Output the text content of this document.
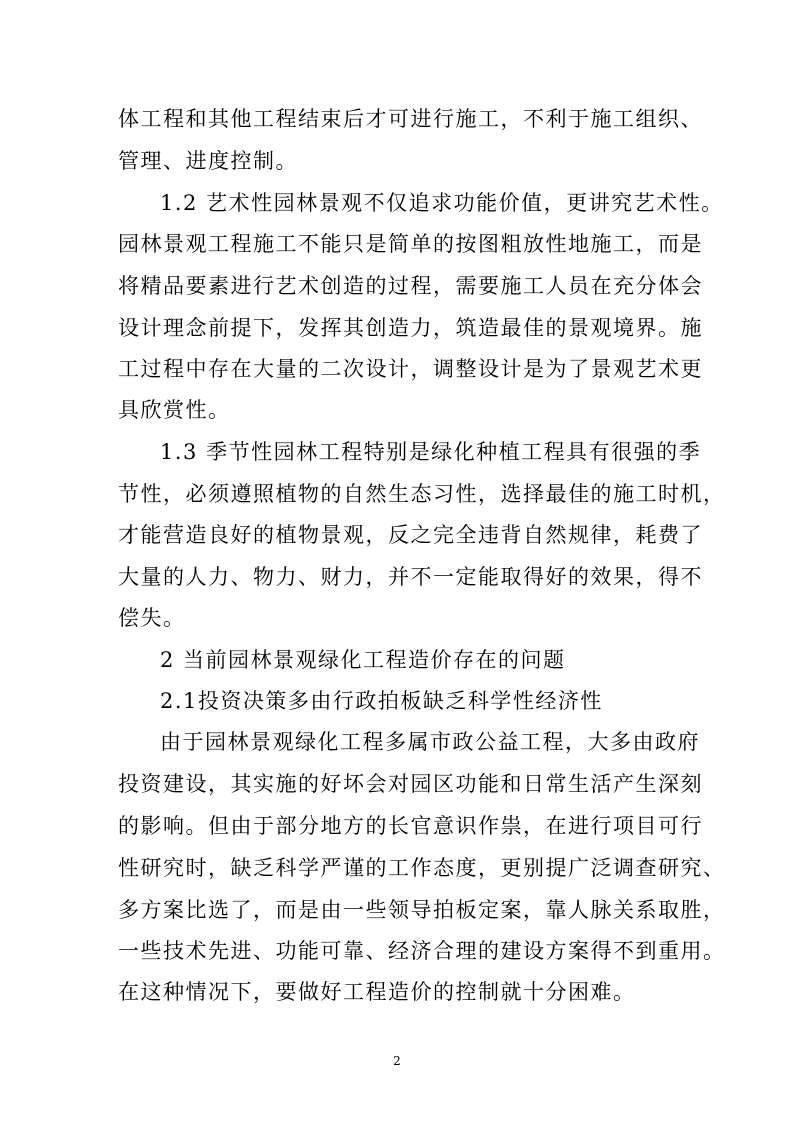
体工程和其他工程结束后才可进行施工，不利于施工组织、
管理、进度控制。
1.2 艺术性园林景观不仅追求功能价值，更讲究艺术性。
园林景观工程施工不能只是简单的按图粗放性地施工，而是
将精品要素进行艺术创造的过程，需要施工人员在充分体会
设计理念前提下，发挥其创造力，筑造最佳的景观境界。施
工过程中存在大量的二次设计，调整设计是为了景观艺术更
具欣赏性。
1.3 季节性园林工程特别是绿化种植工程具有很强的季
节性，必须遵照植物的自然生态习性，选择最佳的施工时机，
才能营造良好的植物景观，反之完全违背自然规律，耗费了
大量的人力、物力、财力，并不一定能取得好的效果，得不
偿失。
2 当前园林景观绿化工程造价存在的问题
2.1投资决策多由行政拍板缺乏科学性经济性
由于园林景观绿化工程多属市政公益工程，大多由政府
投资建设，其实施的好坏会对园区功能和日常生活产生深刻
的影响。但由于部分地方的长官意识作祟，在进行项目可行
性研究时，缺乏科学严谨的工作态度，更别提广泛调查研究、
多方案比选了，而是由一些领导拍板定案，靠人脉关系取胜，
一些技术先进、功能可靠、经济合理的建设方案得不到重用。
在这种情况下，要做好工程造价的控制就十分困难。
2
